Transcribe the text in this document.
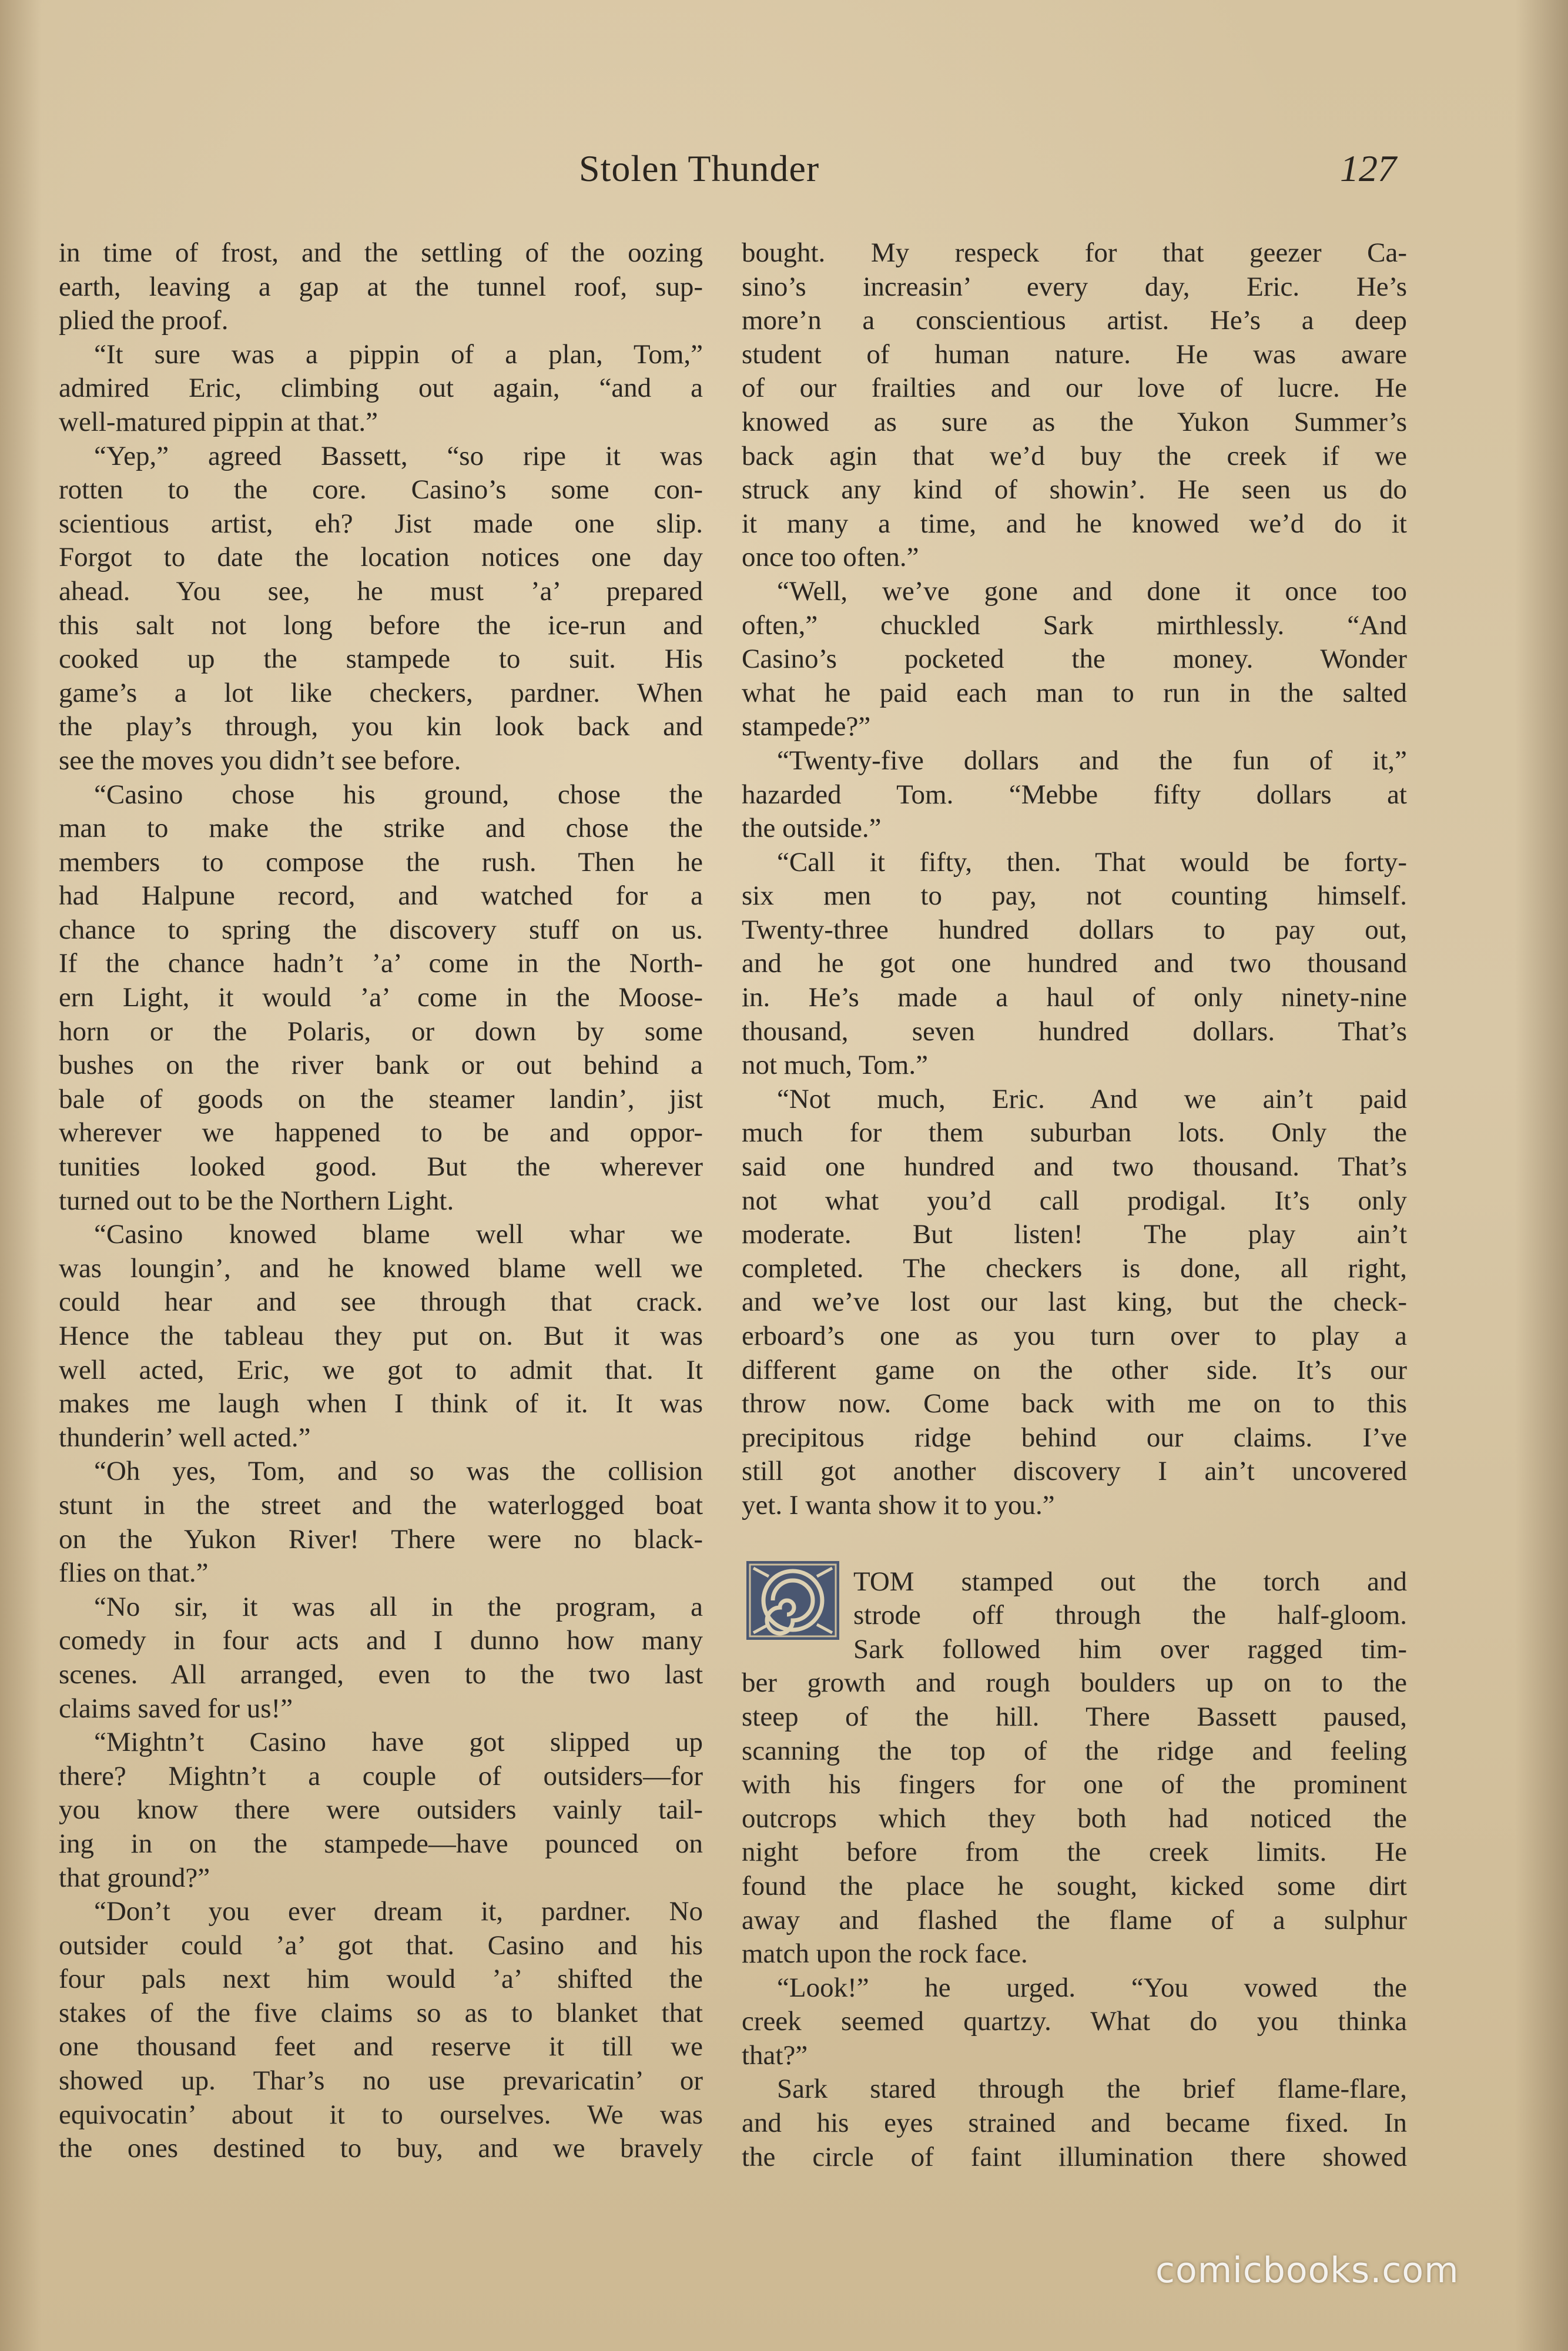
Stolen Thunder	127
in time of frost, and the settling of the oozing
earth, leaving a gap at the tunnel roof, sup-
plied the proof.
“It sure was a pippin of a plan, Tom,”
admired Eric, climbing out again, “and a
well-matured pippin at that.”
“Yep,” agreed Bassett, “so ripe it was
rotten to the core. Casino’s some con-
scientious artist, eh? Jist made one slip.
Forgot to date the location notices one day
ahead. You see, he must ’a’ prepared
this salt not long before the ice-run and
cooked up the stampede to suit. His
game’s a lot like checkers, pardner. When
the play’s through, you kin look back and
see the moves you didn’t see before.
“Casino chose his ground, chose the
man to make the strike and chose the
members to compose the rush. Then he
had Halpune record, and watched for a
chance to spring the discovery stuff on us.
If the chance hadn’t ’a’ come in the North-
ern Light, it would ’a’ come in the Moose-
horn or the Polaris, or down by some
bushes on the river bank or out behind a
bale of goods on the steamer landin’, jist
wherever we happened to be and oppor-
tunities looked good. But the wherever
turned out to be the Northern Light.
“Casino knowed blame well whar we
was loungin’, and he knowed blame well we
could hear and see through that crack.
Hence the tableau they put on. But it was
well acted, Eric, we got to admit that. It
makes me laugh when I think of it. It was
thunderin’ well acted.”
“Oh yes, Tom, and so was the collision
stunt in the street and the waterlogged boat
on the Yukon River! There were no black-
flies on that.”
“No sir, it was all in the program, a
comedy in four acts and I dunno how many
scenes. All arranged, even to the two last
claims saved for us!”
“Mightn’t Casino have got slipped up
there? Mightn’t a couple of outsiders—for
you know there were outsiders vainly tail-
ing in on the stampede—have pounced on
that ground?”
“Don’t you ever dream it, pardner. No
outsider could ’a’ got that. Casino and his
four pals next him would ’a’ shifted the
stakes of the five claims so as to blanket that
one thousand feet and reserve it till we
showed up. Thar’s no use prevaricatin’ or
equivocatin’ about it to ourselves. We was
the ones destined to buy, and we bravely
bought. My respeck for that geezer Ca-
sino’s increasin’ every day, Eric. He’s
more’n a conscientious artist. He’s a deep
student of human nature. He was aware
of our frailties and our love of lucre. He
knowed as sure as the Yukon Summer’s
back agin that we’d buy the creek if we
struck any kind of showin’. He seen us do
it many a time, and he knowed we’d do it
once too often.”
“Well, we’ve gone and done it once too
often,” chuckled Sark mirthlessly. “And
Casino’s pocketed the money. Wonder
what he paid each man to run in the salted
stampede?”
“Twenty-five dollars and the fun of it,”
hazarded Tom. “Mebbe fifty dollars at
the outside.”
“Call it fifty, then. That would be forty-
six men to pay, not counting himself.
Twenty-three hundred dollars to pay out,
and he got one hundred and two thousand
in. He’s made a haul of only ninety-nine
thousand, seven hundred dollars. That’s
not much, Tom.”
“Not much, Eric. And we ain’t paid
much for them suburban lots. Only the
said one hundred and two thousand. That’s
not what you’d call prodigal. It’s only
moderate. But listen! The play ain’t
completed. The checkers is done, all right,
and we’ve lost our last king, but the check-
erboard’s one as you turn over to play a
different game on the other side. It’s our
throw now. Come back with me on to this
precipitous ridge behind our claims. I’ve
still got another discovery I ain’t uncovered
yet. I wanta show it to you.”
TOM stamped out the torch and
strode off through the half-gloom.
Sark followed him over ragged tim-
ber growth and rough boulders up on to the
steep of the hill. There Bassett paused,
scanning the top of the ridge and feeling
with his fingers for one of the prominent
outcrops which they both had noticed the
night before from the creek limits. He
found the place he sought, kicked some dirt
away and flashed the flame of a sulphur
match upon the rock face.
“Look!” he urged. “You vowed the
creek seemed quartzy. What do you thinka
that?”
Sark stared through the brief flame-flare,
and his eyes strained and became fixed. In
the circle of faint illumination there showed
comicbooks.com
